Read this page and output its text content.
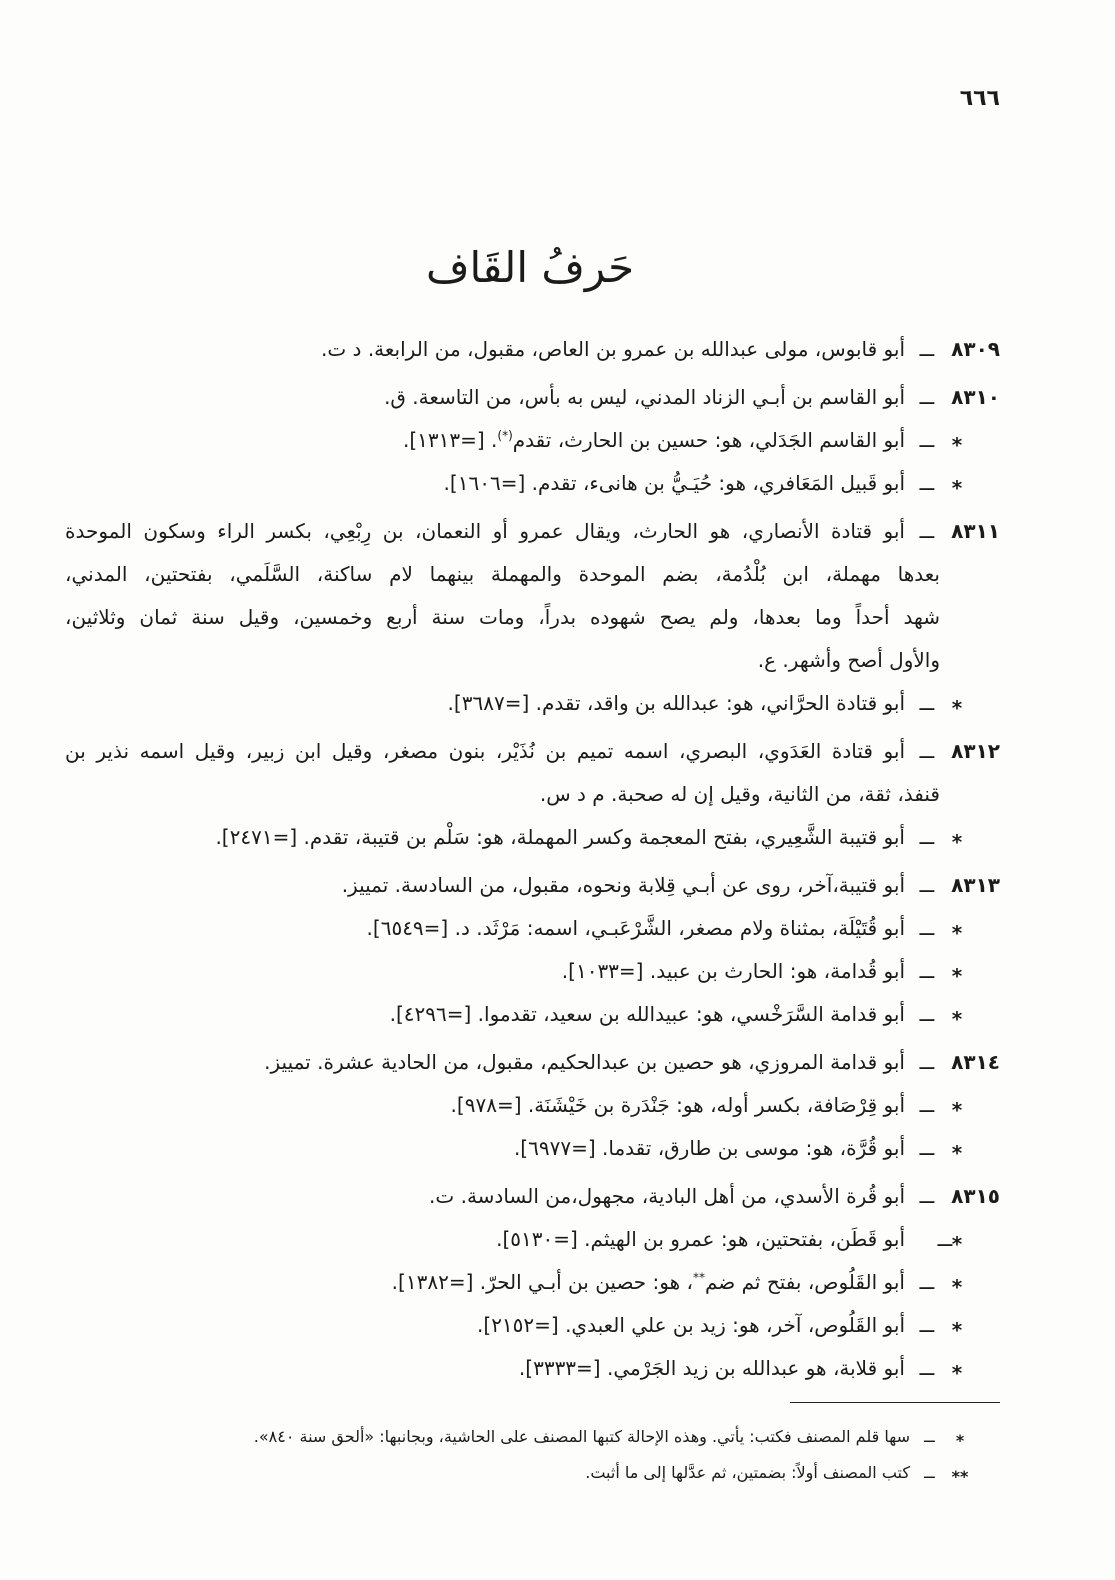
٦٦٦
حَرفُ القَاف
٨٣٠٩
ـ
أبو قابوس، مولى عبدالله بن عمرو بن العاص، مقبول، من الرابعة. د ت.
٨٣١٠
ـ
أبو القاسم بن أبـي الزناد المدني، ليس به بأس، من التاسعة. ق.
*
ـ
أبو القاسم الجَدَلي، هو: حسين بن الحارث، تقدم(*). [=١٣١٣].
*
ـ
أبو قَبيل المَعَافري، هو: حُيَـيُّ بن هانىء، تقدم. [=١٦٠٦].
٨٣١١
ـ
أبو قتادة الأنصاري، هو الحارث، ويقال عمرو أو النعمان، بن رِبْعِي، بكسر الراء وسكون الموحدة
بعدها مهملة، ابن بُلْدُمة، بضم الموحدة والمهملة بينهما لام ساكنة، السَّلَمي، بفتحتين، المدني،
شهد أحداً وما بعدها، ولم يصح شهوده بدراً، ومات سنة أربع وخمسين، وقيل سنة ثمان وثلاثين،
والأول أصح وأشهر. ع.
*
ـ
أبو قتادة الحرَّاني، هو: عبدالله بن واقد، تقدم. [=٣٦٨٧].
٨٣١٢
ـ
أبو قتادة العَدَوي، البصري، اسمه تميم بن نُذَيْر، بنون مصغر، وقيل ابن زبير، وقيل اسمه نذير بن
قنفذ، ثقة، من الثانية، وقيل إن له صحبة. م د س.
*
ـ
أبو قتيبة الشَّعِيري، بفتح المعجمة وكسر المهملة، هو: سَلْم بن قتيبة، تقدم. [=٢٤٧١].
٨٣١٣
ـ
أبو قتيبة،آخر، روى عن أبـي قِلابة ونحوه، مقبول، من السادسة. تمييز.
*
ـ
أبو قُتَيْلَة، بمثناة ولام مصغر، الشَّرْعَبـي، اسمه: مَرْثَد. د. [=٦٥٤٩].
*
ـ
أبو قُدامة، هو: الحارث بن عبيد. [=١٠٣٣].
*
ـ
أبو قدامة السَّرَخْسي، هو: عبيدالله بن سعيد، تقدموا. [=٤٢٩٦].
٨٣١٤
ـ
أبو قدامة المروزي، هو حصين بن عبدالحكيم، مقبول، من الحادية عشرة. تمييز.
*
ـ
أبو قِرْصَافة، بكسر أوله، هو: جَنْدَرة بن خَيْشَنَة. [=٩٧٨].
*
ـ
أبو قُرَّة، هو: موسى بن طارق، تقدما. [=٦٩٧٧].
٨٣١٥
ـ
أبو قُرة الأسدي، من أهل البادية، مجهول،من السادسة. ت.
*
ـ
أبو قَطَن، بفتحتين، هو: عمرو بن الهيثم. [=٥١٣٠].
*
ـ
أبو القَلُوص، بفتح ثم ضم**، هو: حصين بن أبـي الحرّ. [=١٣٨٢].
*
ـ
أبو القَلُوص، آخر، هو: زيد بن علي العبدي. [=٢١٥٢].
*
ـ
أبو قلابة، هو عبدالله بن زيد الجَرْمي. [=٣٣٣٣].
*
ـ
سها قلم المصنف فكتب: يأتي. وهذه الإحالة كتبها المصنف على الحاشية، وبجانبها: «ألحق سنة ٨٤٠».
**
ـ
كتب المصنف أولاً: بضمتين، ثم عدَّلها إلى ما أثبت.
